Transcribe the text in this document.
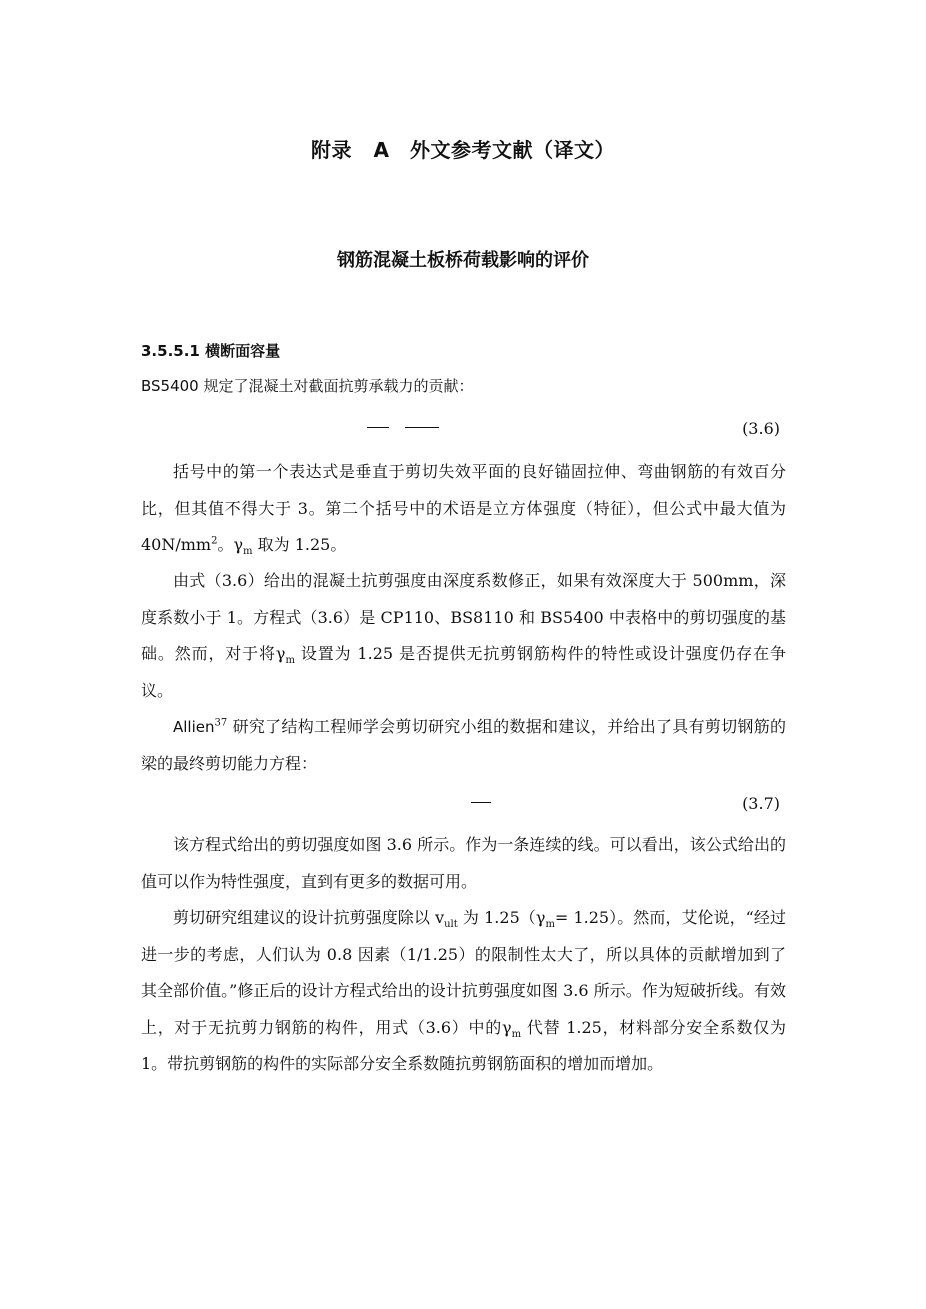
附录 A　外文参考文献（译文）
钢筋混凝土板桥荷载影响的评价
3.5.5.1 横断面容量

BS5400 规定了混凝土对截面抗剪承载力的贡献：

(3.6)

括号中的第一个表达式是垂直于剪切失效平面的良好锚固拉伸、弯曲钢筋的有效百分比，但其值不得大于 3。第二个括号中的术语是立方体强度（特征），但公式中最大值为 $40N/mm^2$。$\gamma_m$ 取为 1.25。

由式（3.6）给出的混凝土抗剪强度由深度系数修正，如果有效深度大于 500mm，深度系数小于 1。方程式（3.6）是 CP110、BS8110 和 BS5400 中表格中的剪切强度的基础。然而，对于将$\gamma_m$ 设置为 1.25 是否提供无抗剪钢筋构件的特性或设计强度仍存在争议。

Allien$^{37}$ 研究了结构工程师学会剪切研究小组的数据和建议，并给出了具有剪切钢筋的梁的最终剪切能力方程：

(3.7)

该方程式给出的剪切强度如图 3.6 所示。作为一条连续的线。可以看出，该公式给出的值可以作为特性强度，直到有更多的数据可用。

剪切研究组建议的设计抗剪强度除以 $v_{ult}$ 为 $1.25(\gamma_m= 1.25)$。然而，艾伦说，“经过进一步的考虑，人们认为 0.8 因素（1/1.25）的限制性太大了，所以具体的贡献增加到了其全部价值。”修正后的设计方程式给出的设计抗剪强度如图 3.6 所示。作为短破折线。有效上，对于无抗剪力钢筋的构件，用式（3.6）中的$\gamma_m$ 代替 1.25，材料部分安全系数仅为 1。带抗剪钢筋的构件的实际部分安全系数随抗剪钢筋面积的增加而增加。
